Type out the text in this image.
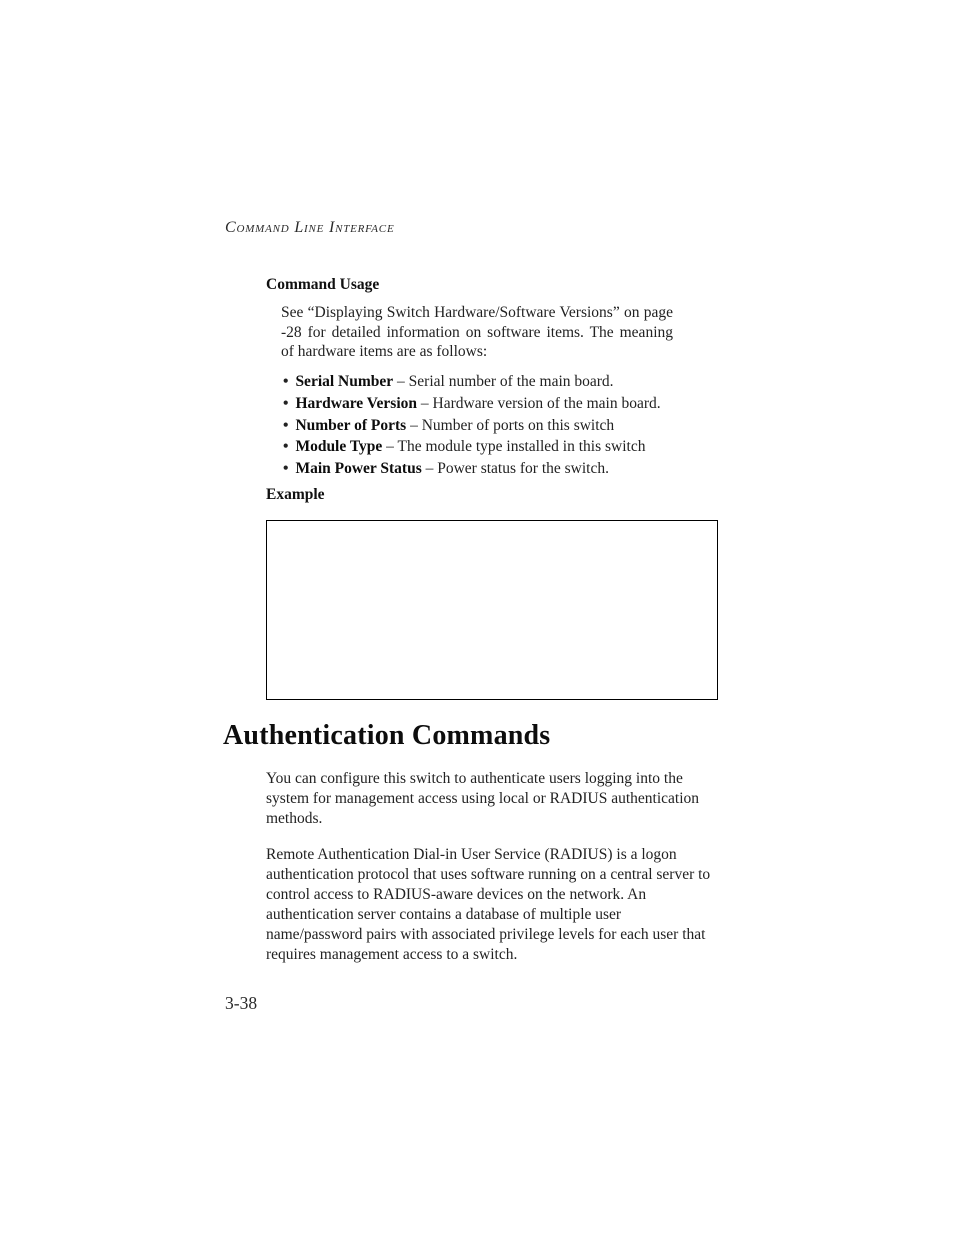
Command Line Interface
Command Usage

See “Displaying Switch Hardware/Software Versions” on page -28 for detailed information on software items. The meaning of hardware items are as follows:

• Serial Number – Serial number of the main board.
• Hardware Version – Hardware version of the main board.
• Number of Ports – Number of ports on this switch
• Module Type – The module type installed in this switch
• Main Power Status – Power status for the switch.
Example
Authentication Commands

You can configure this switch to authenticate users logging into the system for management access using local or RADIUS authentication methods.

Remote Authentication Dial-in User Service (RADIUS) is a logon authentication protocol that uses software running on a central server to control access to RADIUS-aware devices on the network. An authentication server contains a database of multiple user name/password pairs with associated privilege levels for each user that requires management access to a switch.

3-38
